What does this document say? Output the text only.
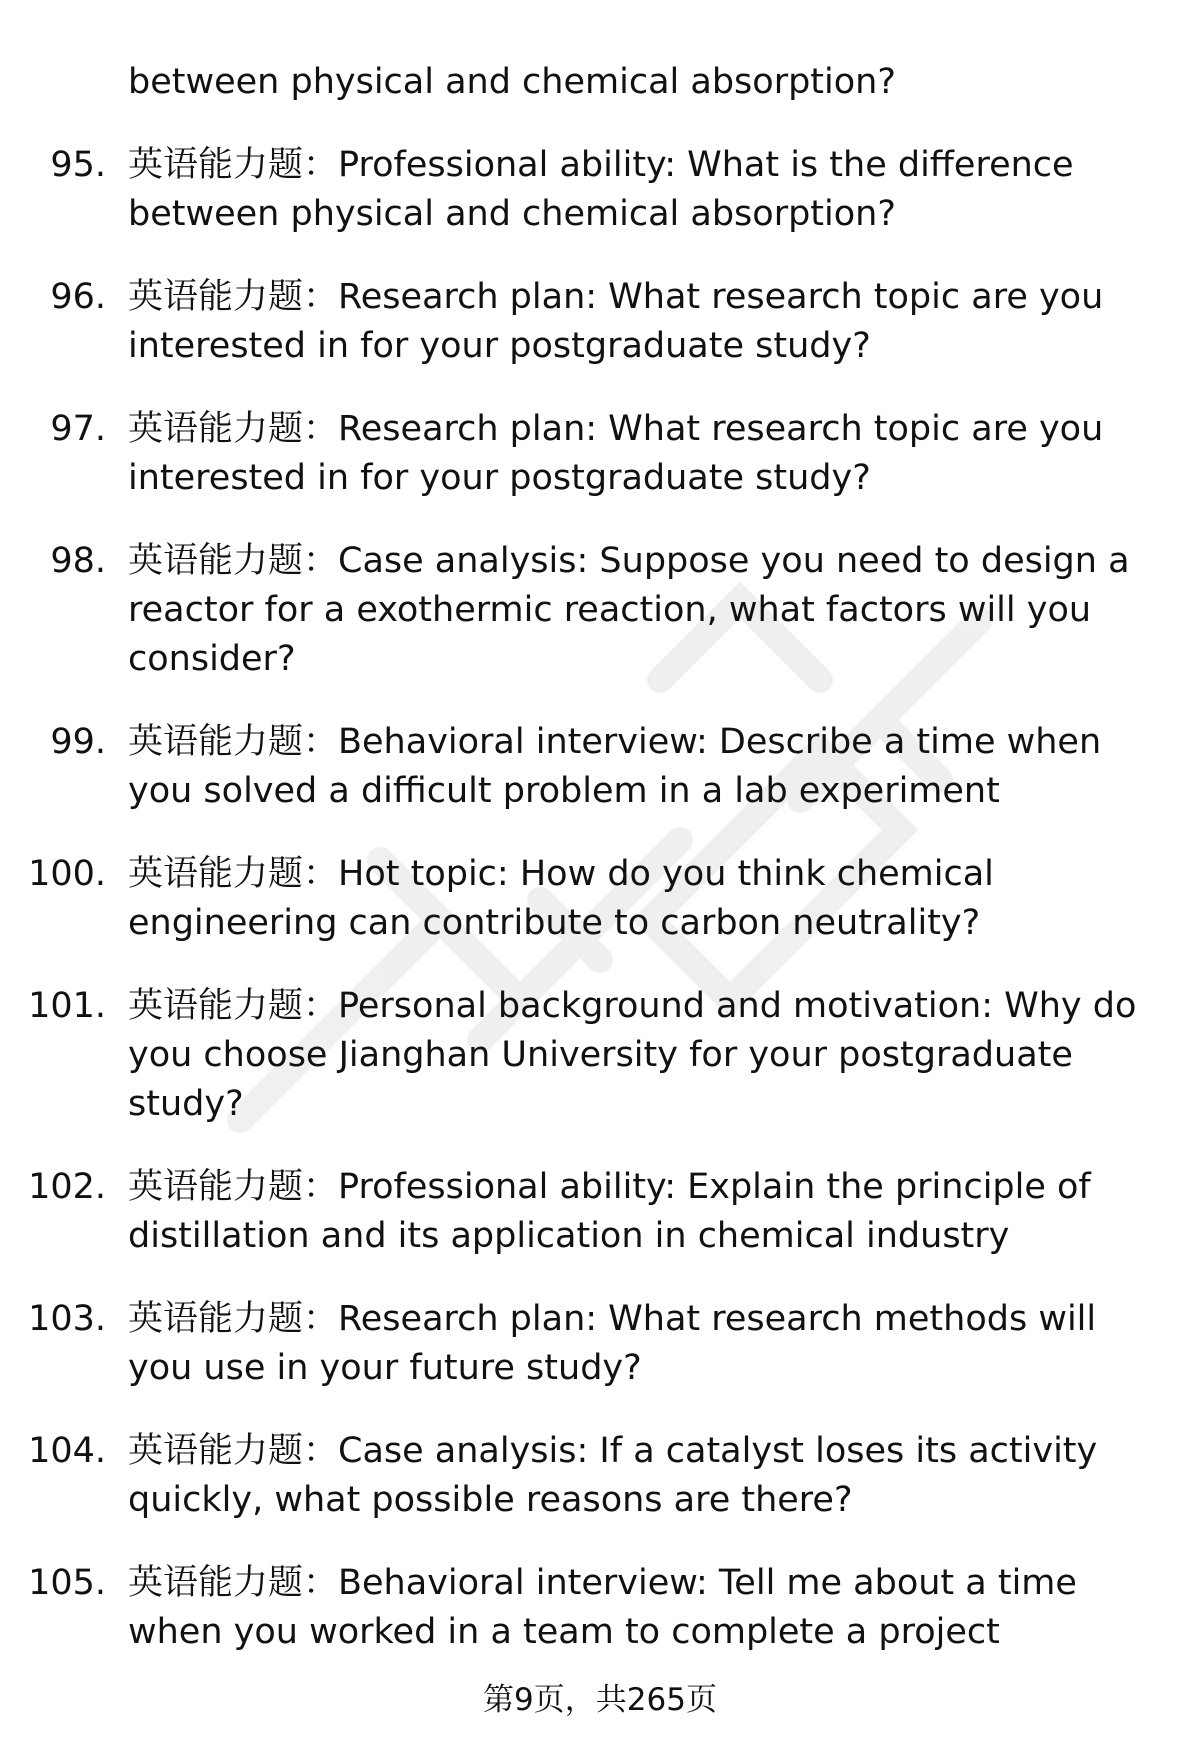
between physical and chemical absorption?
95. 英语能力题：Professional ability: What is the difference between physical and chemical absorption?
96. 英语能力题：Research plan: What research topic are you interested in for your postgraduate study?
97. 英语能力题：Research plan: What research topic are you interested in for your postgraduate study?
98. 英语能力题：Case analysis: Suppose you need to design a reactor for a exothermic reaction, what factors will you consider?
99. 英语能力题：Behavioral interview: Describe a time when you solved a difficult problem in a lab experiment
100. 英语能力题：Hot topic: How do you think chemical engineering can contribute to carbon neutrality?
101. 英语能力题：Personal background and motivation: Why do you choose Jianghan University for your postgraduate study?
102. 英语能力题：Professional ability: Explain the principle of distillation and its application in chemical industry
103. 英语能力题：Research plan: What research methods will you use in your future study?
104. 英语能力题：Case analysis: If a catalyst loses its activity quickly, what possible reasons are there?
105. 英语能力题：Behavioral interview: Tell me about a time when you worked in a team to complete a project
第9页，共265页
